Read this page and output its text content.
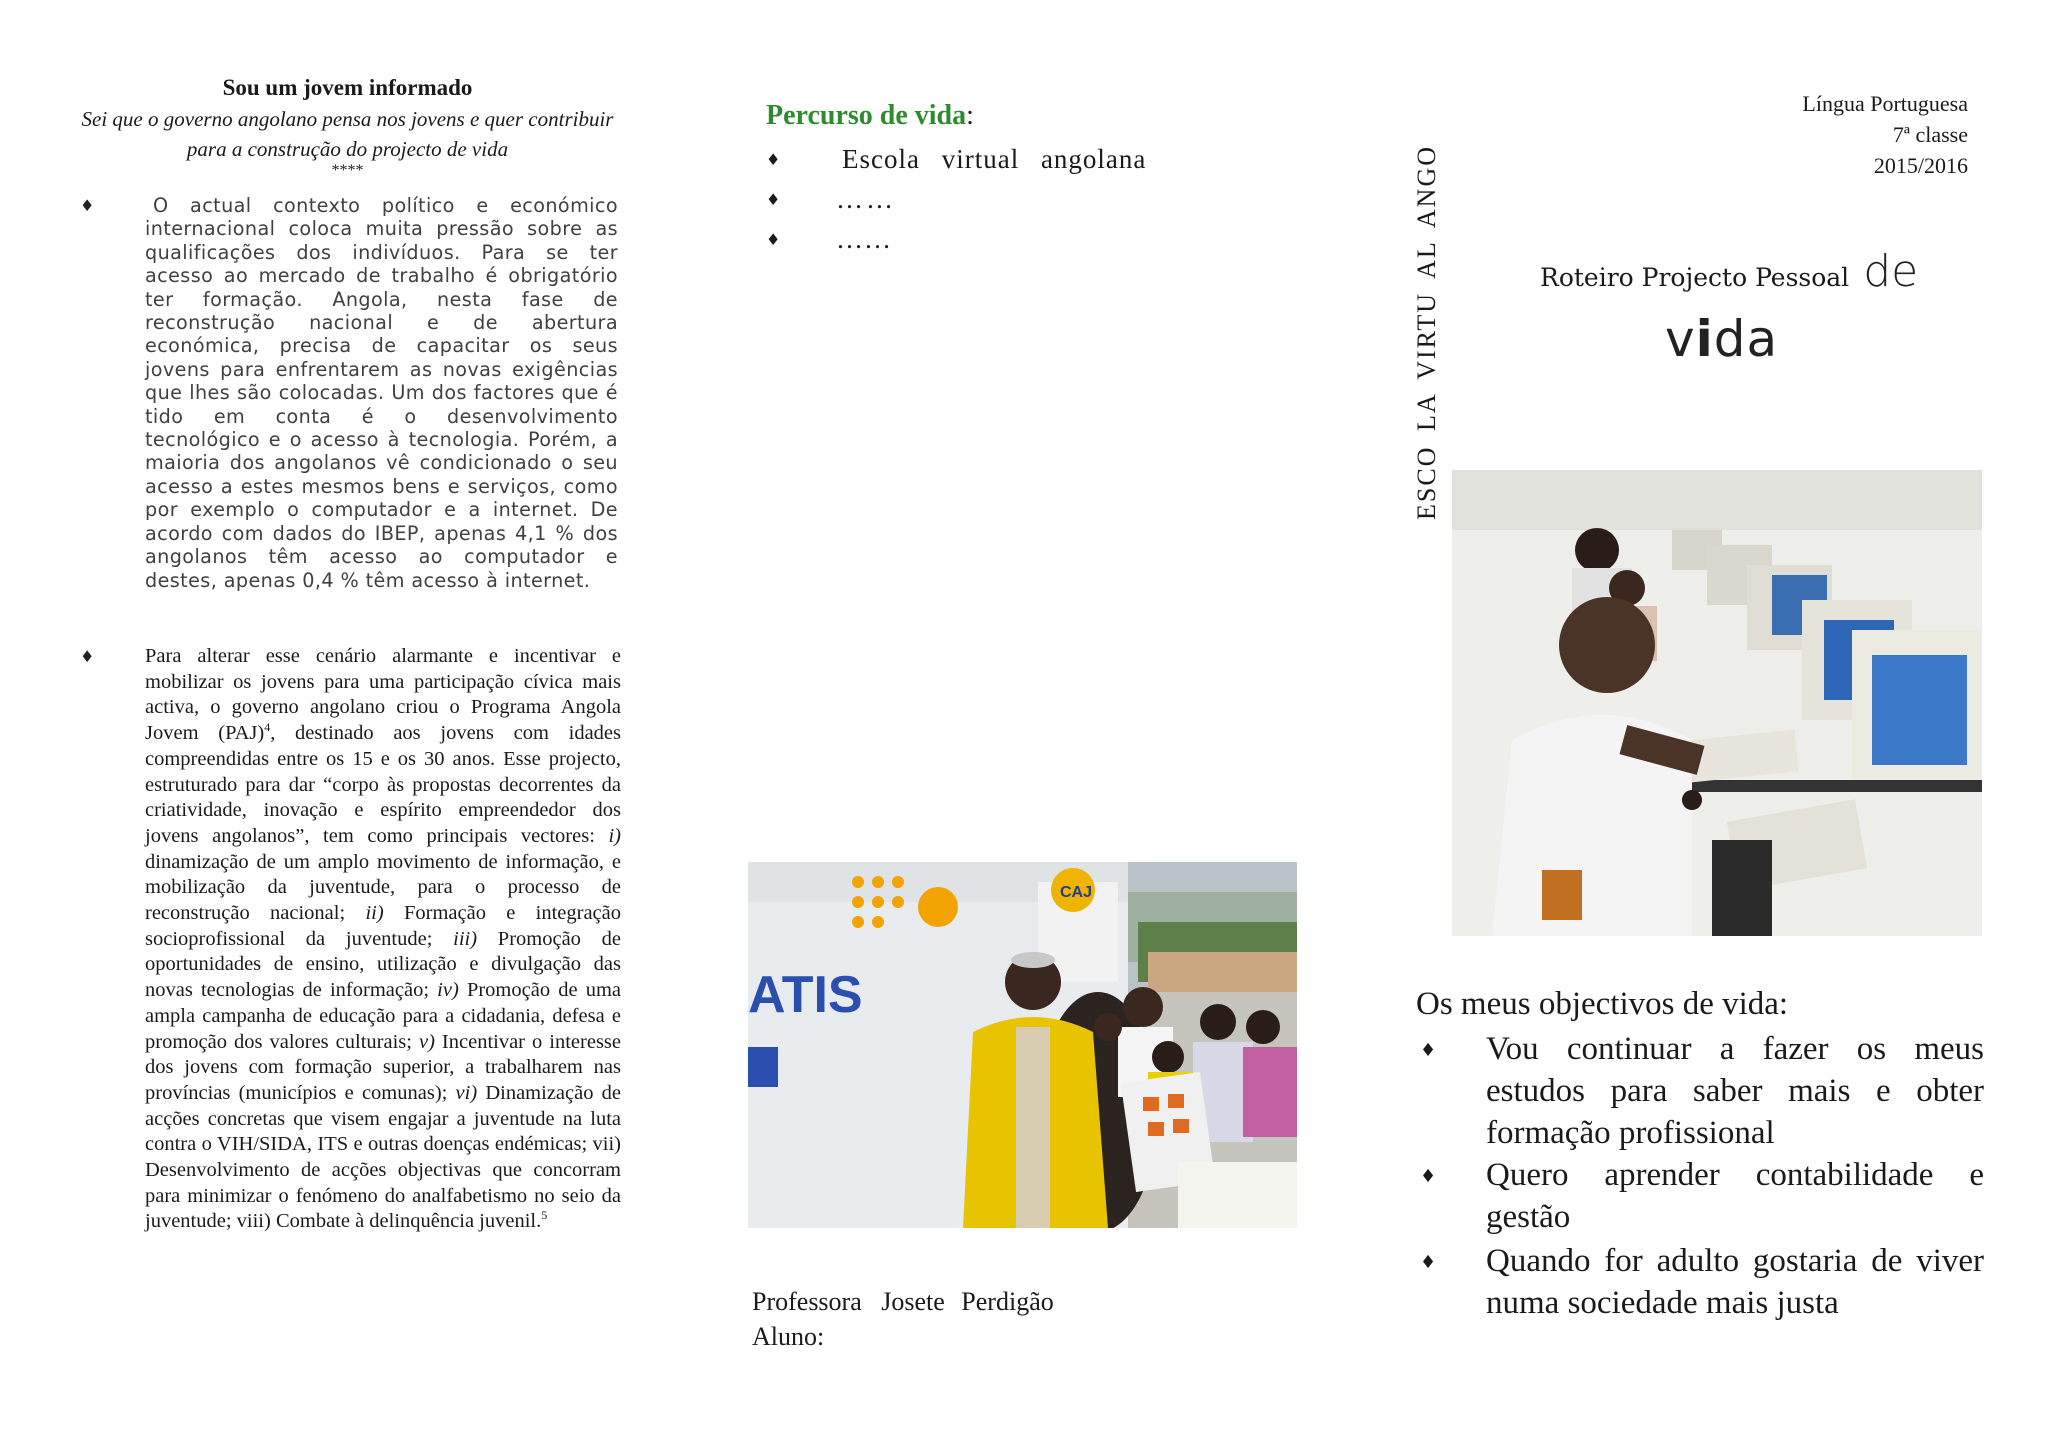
Sou um jovem informado
Sei que o governo angolano pensa nos jovens e quer contribuir para a construção do projecto de vida
****
♦	O actual contexto político e económico internacional coloca muita pressão sobre as qualificações dos indivíduos. Para se ter acesso ao mercado de trabalho é obrigatório ter formação. Angola, nesta fase de reconstrução nacional e de abertura económica, precisa de capacitar os seus jovens para enfrentarem as novas exigências que lhes são colocadas. Um dos factores que é tido em conta é o desenvolvimento tecnológico e o acesso à tecnologia. Porém, a maioria dos angolanos vê condicionado o seu acesso a estes mesmos bens e serviços, como por exemplo o computador e a internet. De acordo com dados do IBEP, apenas 4,1 % dos angolanos têm acesso ao computador e destes, apenas 0,4 % têm acesso à internet.
♦ Para alterar esse cenário alarmante e incentivar e mobilizar os jovens para uma participação cívica mais activa, o governo angolano criou o Programa Angola Jovem (PAJ)$^4$, destinado aos jovens com idades compreendidas entre os 15 e os 30 anos. Esse projecto, estruturado para dar “corpo às propostas decorrentes da criatividade, inovação e espírito empreendedor dos jovens angolanos”, tem como principais vectores: i) dinamização de um amplo movimento de informação, e mobilização da juventude, para o processo de reconstrução nacional; ii) Formação e integração socioprofissional da juventude; iii) Promoção de oportunidades de ensino, utilização e divulgação das novas tecnologias de informação; iv) Promoção de uma ampla campanha de educação para a cidadania, defesa e promoção dos valores culturais; v) Incentivar o interesse dos jovens com formação superior, a trabalharem nas províncias (municípios e comunas); vi) Dinamização de acções concretas que visem engajar a juventude na luta contra o VIH/SIDA, ITS e outras doenças endémicas; vii) Desenvolvimento de acções objectivas que concorram para minimizar o fenómeno do analfabetismo no seio da juventude; viii) Combate à delinquência juvenil.$^5$
Percurso de vida:
♦ Escola virtual angolana
♦ ……
♦ ……
CAJ
ATIS
Professora Josete Perdigão
Aluno:
ESCO LA VIRTU AL ANGO
Língua Portuguesa
7ª classe
2015/2016
Roteiro Projecto Pessoal de
vida
Os meus objectivos de vida:
♦ Vou continuar a fazer os meus estudos para saber mais e obter formação profissional
♦ Quero aprender contabilidade e gestão
♦ Quando for adulto gostaria de viver numa sociedade mais justa
